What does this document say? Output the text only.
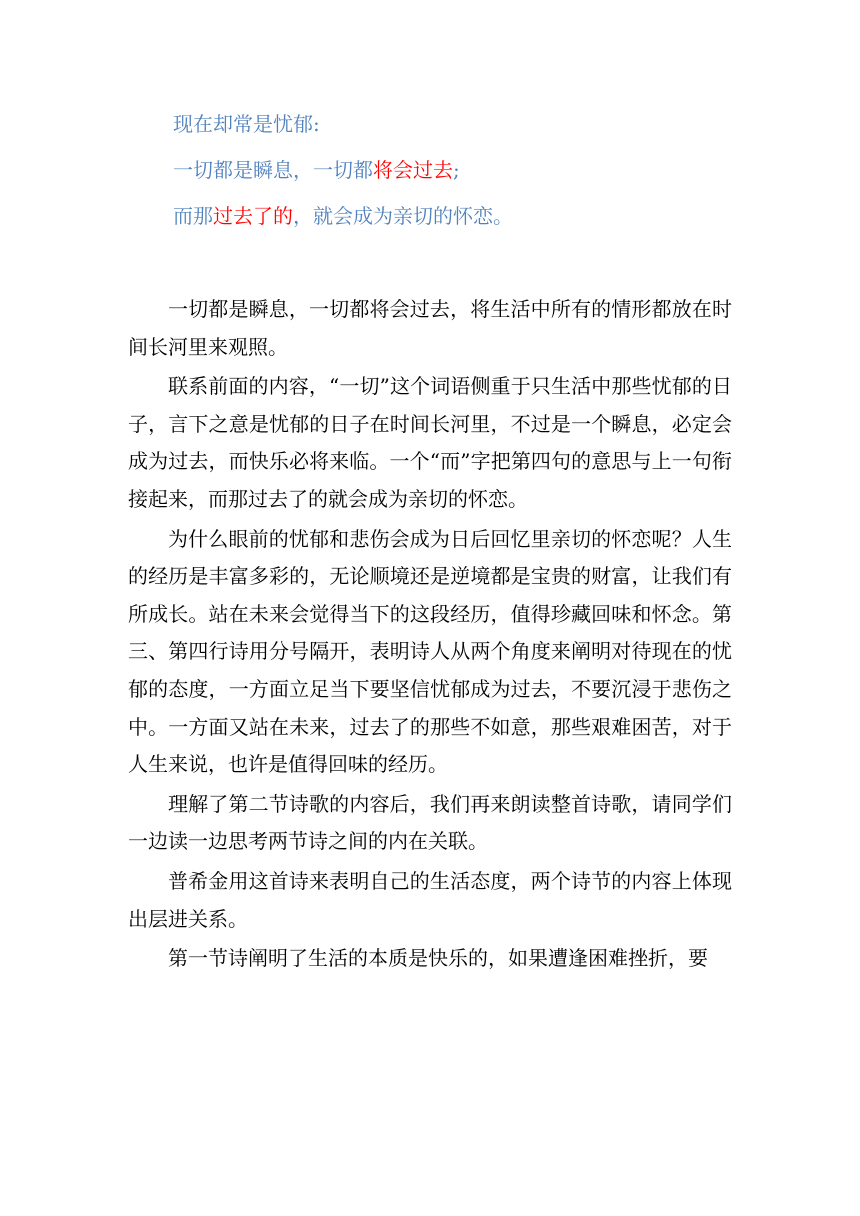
现在却常是忧郁:
一切都是瞬息，一切都将会过去;
而那过去了的，就会成为亲切的怀恋。

一切都是瞬息，一切都将会过去，将生活中所有的情形都放在时间长河里来观照。

联系前面的内容，“一切”这个词语侧重于只生活中那些忧郁的日子，言下之意是忧郁的日子在时间长河里，不过是一个瞬息，必定会成为过去，而快乐必将来临。一个“而”字把第四句的意思与上一句衔接起来，而那过去了的就会成为亲切的怀恋。

为什么眼前的忧郁和悲伤会成为日后回忆里亲切的怀恋呢？人生的经历是丰富多彩的，无论顺境还是逆境都是宝贵的财富，让我们有所成长。站在未来会觉得当下的这段经历，值得珍藏回味和怀念。第三、第四行诗用分号隔开，表明诗人从两个角度来阐明对待现在的忧郁的态度，一方面立足当下要坚信忧郁成为过去，不要沉浸于悲伤之中。一方面又站在未来，过去了的那些不如意，那些艰难困苦，对于人生来说，也许是值得回味的经历。

理解了第二节诗歌的内容后，我们再来朗读整首诗歌，请同学们一边读一边思考两节诗之间的内在关联。

普希金用这首诗来表明自己的生活态度，两个诗节的内容上体现出层进关系。

第一节诗阐明了生活的本质是快乐的，如果遭逢困难挫折，要
